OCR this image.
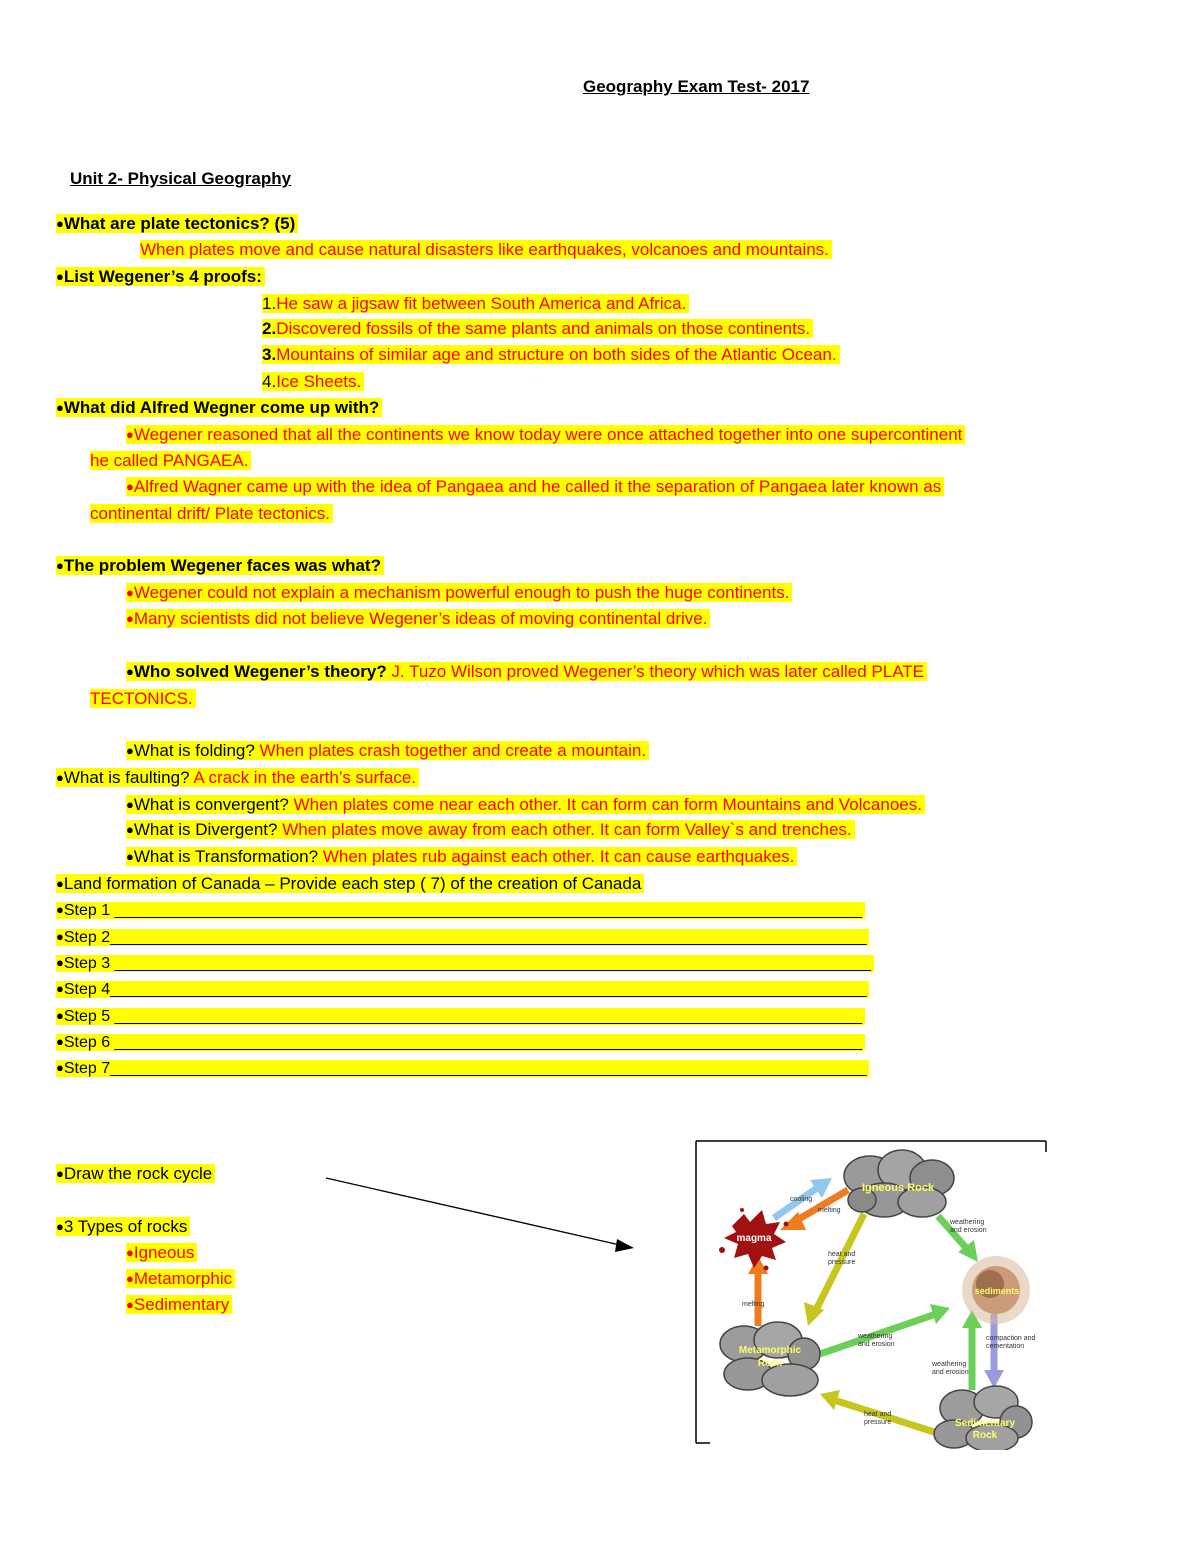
Geography Exam Test- 2017
Unit 2- Physical Geography
●What are plate tectonics? (5)
When plates move and cause natural disasters like earthquakes, volcanoes and mountains.
●List Wegener’s 4 proofs:
1.He saw a jigsaw fit between South America and Africa.
2.Discovered fossils of the same plants and animals on those continents.
3.Mountains of similar age and structure on both sides of the Atlantic Ocean.
4.Ice Sheets.
●What did Alfred Wegner come up with?
●Wegener reasoned that all the continents we know today were once attached together into one supercontinent
he called PANGAEA.
●Alfred Wagner came up with the idea of Pangaea and he called it the separation of Pangaea later known as
continental drift/ Plate tectonics.
●The problem Wegener faces was what?
●Wegener could not explain a mechanism powerful enough to push the huge continents.
●Many scientists did not believe Wegener’s ideas of moving continental drive.
●Who solved Wegener’s theory? J. Tuzo Wilson proved Wegener’s theory which was later called PLATE
TECTONICS.
●What is folding? When plates crash together and create a mountain.
●What is faulting? A crack in the earth’s surface.
●What is convergent? When plates come near each other. It can form can form Mountains and Volcanoes.
●What is Divergent? When plates move away from each other. It can form Valley`s and trenches.
●What is Transformation? When plates rub against each other. It can cause earthquakes.
●Land formation of Canada – Provide each step ( 7) of the creation of Canada
●Step 1 ____________________________________________________________________________________
●Step 2_____________________________________________________________________________________
●Step 3 _____________________________________________________________________________________
●Step 4_____________________________________________________________________________________
●Step 5 ____________________________________________________________________________________
●Step 6 ____________________________________________________________________________________
●Step 7_____________________________________________________________________________________
●Draw the rock cycle
●3 Types of rocks
●Igneous
●Metamorphic
●Sedimentary
Igneous Rock
magma
sediments
Metamorphic
Rock
Sedimentary
Rock
cooling
melting
melting
weathering
and erosion
heat and
pressure
weathering
and erosion
compaction and
cementation
weathering
and erosion
heat and
pressure
